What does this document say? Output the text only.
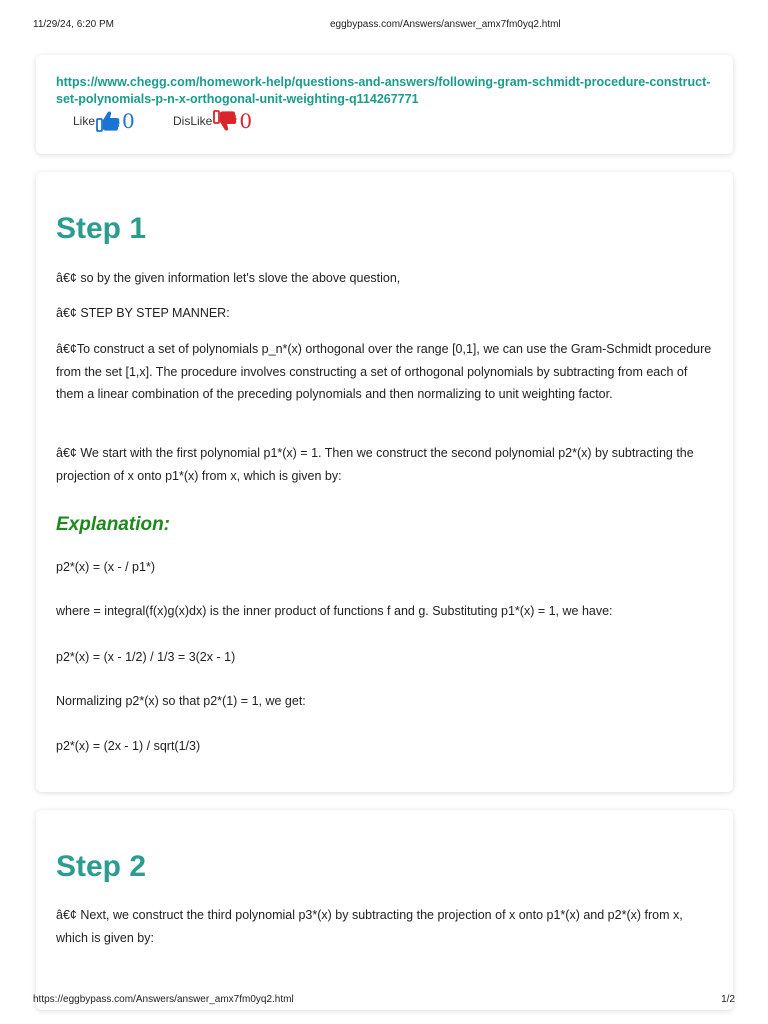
11/29/24, 6:20 PM	eggbypass.com/Answers/answer_amx7fm0yq2.html
https://www.chegg.com/homework-help/questions-and-answers/following-gram-schmidt-procedure-construct-set-polynomials-p-n-x-orthogonal-unit-weighting-q114267771
Like 0	DisLike 0
Step 1
â€¢ so by the given information let's slove the above question,
â€¢ STEP BY STEP MANNER:
â€¢To construct a set of polynomials p_n*(x) orthogonal over the range [0,1], we can use the Gram-Schmidt procedure from the set [1,x]. The procedure involves constructing a set of orthogonal polynomials by subtracting from each of them a linear combination of the preceding polynomials and then normalizing to unit weighting factor.
â€¢ We start with the first polynomial p1*(x) = 1. Then we construct the second polynomial p2*(x) by subtracting the projection of x onto p1*(x) from x, which is given by:
Explanation:
p2*(x) = (x - / p1*)
where = integral(f(x)g(x)dx) is the inner product of functions f and g. Substituting p1*(x) = 1, we have:
p2*(x) = (x - 1/2) / 1/3 = 3(2x - 1)
Normalizing p2*(x) so that p2*(1) = 1, we get:
p2*(x) = (2x - 1) / sqrt(1/3)
Step 2
â€¢ Next, we construct the third polynomial p3*(x) by subtracting the projection of x onto p1*(x) and p2*(x) from x, which is given by:
https://eggbypass.com/Answers/answer_amx7fm0yq2.html	1/2
